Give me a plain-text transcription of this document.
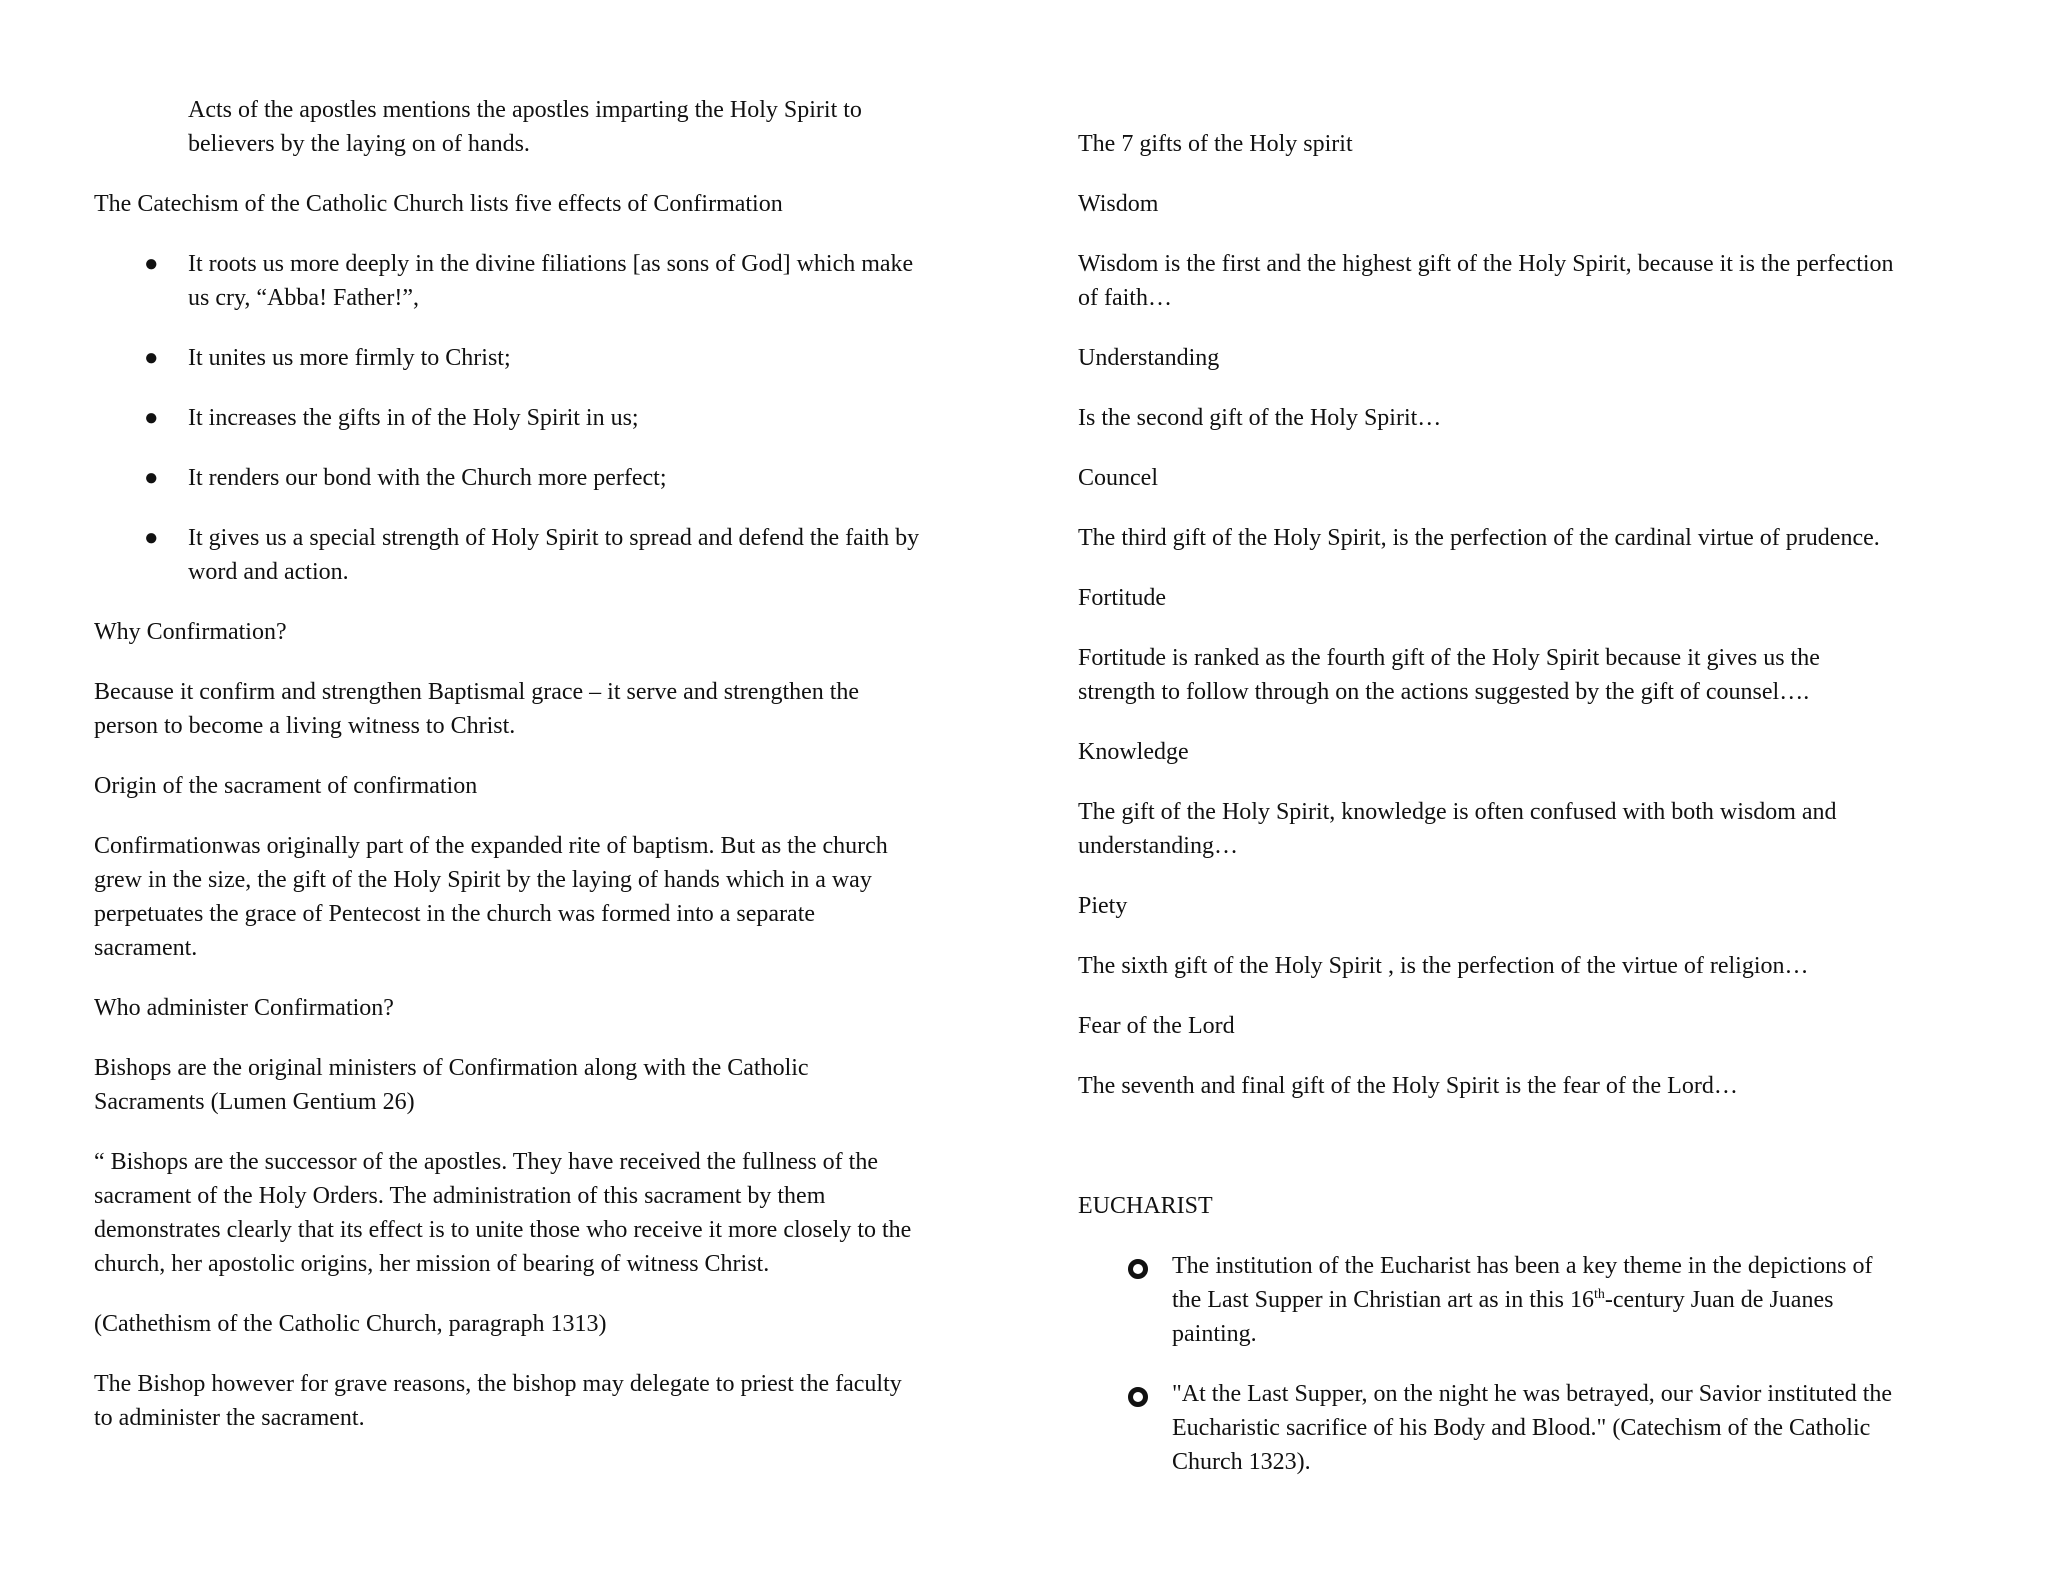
Acts of the apostles mentions the apostles imparting the Holy Spirit to

believers by the laying on of hands.

The Catechism of the Catholic Church lists five effects of Confirmation

● It roots us more deeply in the divine filiations [as sons of God] which make

us cry, “Abba! Father!”,

● It unites us more firmly to Christ;

● It increases the gifts in of the Holy Spirit in us;

● It renders our bond with the Church more perfect;

● It gives us a special strength of Holy Spirit to spread and defend the faith by

word and action.

Why Confirmation?

Because it confirm and strengthen Baptismal grace – it serve and strengthen the

person to become a living witness to Christ.

Origin of the sacrament of confirmation

Confirmationwas originally part of the expanded rite of baptism. But as the church

grew in the size, the gift of the Holy Spirit by the laying of hands which in a way

perpetuates the grace of Pentecost in the church was formed into a separate

sacrament.

Who administer Confirmation?

Bishops are the original ministers of Confirmation along with the Catholic

Sacraments (Lumen Gentium 26)

“ Bishops are the successor of the apostles. They have received the fullness of the

sacrament of the Holy Orders. The administration of this sacrament by them

demonstrates clearly that its effect is to unite those who receive it more closely to the

church, her apostolic origins, her mission of bearing of witness Christ.

(Cathethism of the Catholic Church, paragraph 1313)

The Bishop however for grave reasons, the bishop may delegate to priest the faculty

to administer the sacrament.

The 7 gifts of the Holy spirit

Wisdom

Wisdom is the first and the highest gift of the Holy Spirit, because it is the perfection

of faith…

Understanding

Is the second gift of the Holy Spirit…

Councel

The third gift of the Holy Spirit, is the perfection of the cardinal virtue of prudence.

Fortitude

Fortitude is ranked as the fourth gift of the Holy Spirit because it gives us the

strength to follow through on the actions suggested by the gift of counsel….

Knowledge

The gift of the Holy Spirit, knowledge is often confused with both wisdom and

understanding…

Piety

The sixth gift of the Holy Spirit , is the perfection of the virtue of religion…

Fear of the Lord

The seventh and final gift of the Holy Spirit is the fear of the Lord…

EUCHARIST

The institution of the Eucharist has been a key theme in the depictions of

the Last Supper in Christian art as in this 16th-century Juan de Juanes

painting.

"At the Last Supper, on the night he was betrayed, our Savior instituted the

Eucharistic sacrifice of his Body and Blood." (Catechism of the Catholic

Church 1323).
